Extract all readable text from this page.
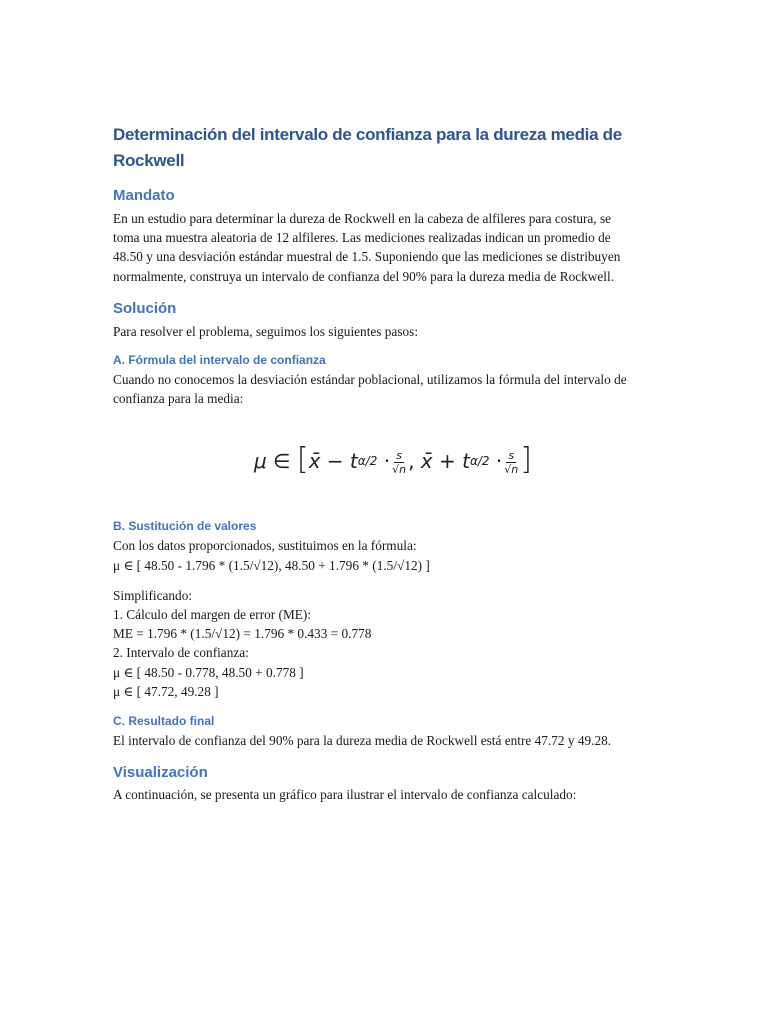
Determinación del intervalo de confianza para la dureza media de Rockwell
Mandato

En un estudio para determinar la dureza de Rockwell en la cabeza de alfileres para costura, se toma una muestra aleatoria de 12 alfileres. Las mediciones realizadas indican un promedio de 48.50 y una desviación estándar muestral de 1.5. Suponiendo que las mediciones se distribuyen normalmente, construya un intervalo de confianza del 90% para la dureza media de Rockwell.

Solución

Para resolver el problema, seguimos los siguientes pasos:

A. Fórmula del intervalo de confianza

Cuando no conocemos la desviación estándar poblacional, utilizamos la fórmula del intervalo de confianza para la media:

μ
∈
[ x̄
−
t α/2
· $\frac{s}{√n}$ ,
x̄
+
t α/2
· $\frac{s}{√n}$ ]
B. Sustitución de valores

Con los datos proporcionados, sustituimos en la fórmula:

μ ∈ [ 48.50 - 1.796 * (1.5/√12), 48.50 + 1.796 * (1.5/√12) ]

Simplificando:

1. Cálculo del margen de error (ME):

ME = 1.796 * (1.5/√12) = 1.796 * 0.433 = 0.778

2. Intervalo de confianza:

μ ∈ [ 48.50 - 0.778, 48.50 + 0.778 ]

μ ∈ [ 47.72, 49.28 ]

C. Resultado final

El intervalo de confianza del 90% para la dureza media de Rockwell está entre 47.72 y 49.28.

Visualización

A continuación, se presenta un gráfico para ilustrar el intervalo de confianza calculado:
